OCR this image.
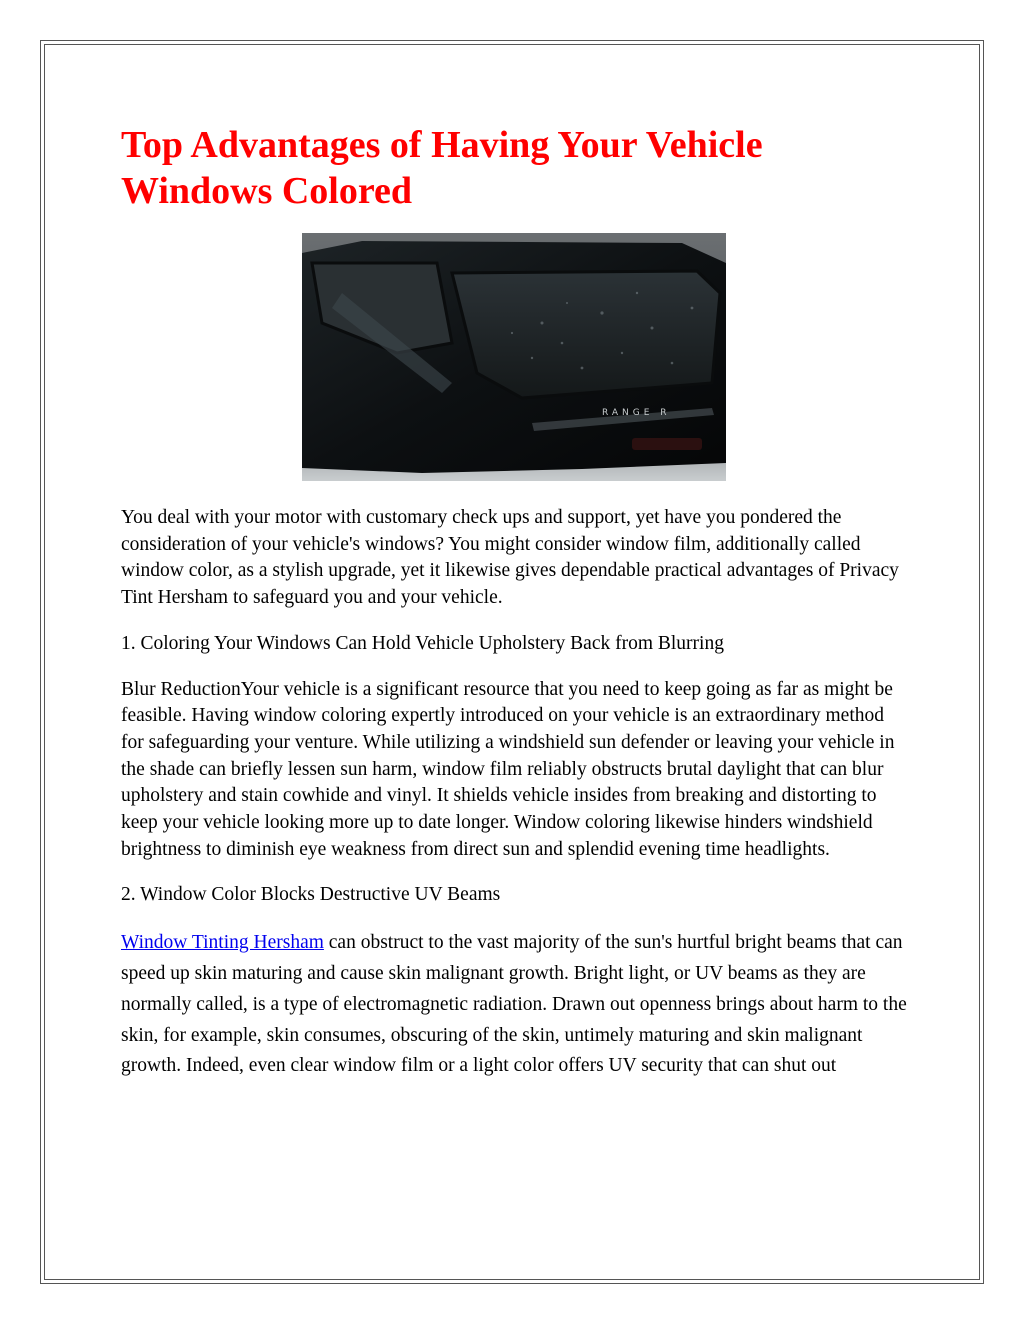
Top Advantages of Having Your Vehicle Windows Colored
RANGE R

You deal with your motor with customary check ups and support, yet have you pondered the consideration of your vehicle's windows? You might consider window film, additionally called window color, as a stylish upgrade, yet it likewise gives dependable practical advantages of Privacy Tint Hersham to safeguard you and your vehicle.

1. Coloring Your Windows Can Hold Vehicle Upholstery Back from Blurring

Blur ReductionYour vehicle is a significant resource that you need to keep going as far as might be feasible. Having window coloring expertly introduced on your vehicle is an extraordinary method for safeguarding your venture. While utilizing a windshield sun defender or leaving your vehicle in the shade can briefly lessen sun harm, window film reliably obstructs brutal daylight that can blur upholstery and stain cowhide and vinyl. It shields vehicle insides from breaking and distorting to keep your vehicle looking more up to date longer. Window coloring likewise hinders windshield brightness to diminish eye weakness from direct sun and splendid evening time headlights.

2. Window Color Blocks Destructive UV Beams

Window Tinting Hersham can obstruct to the vast majority of the sun's hurtful bright beams that can speed up skin maturing and cause skin malignant growth. Bright light, or UV beams as they are normally called, is a type of electromagnetic radiation. Drawn out openness brings about harm to the skin, for example, skin consumes, obscuring of the skin, untimely maturing and skin malignant growth. Indeed, even clear window film or a light color offers UV security that can shut out
